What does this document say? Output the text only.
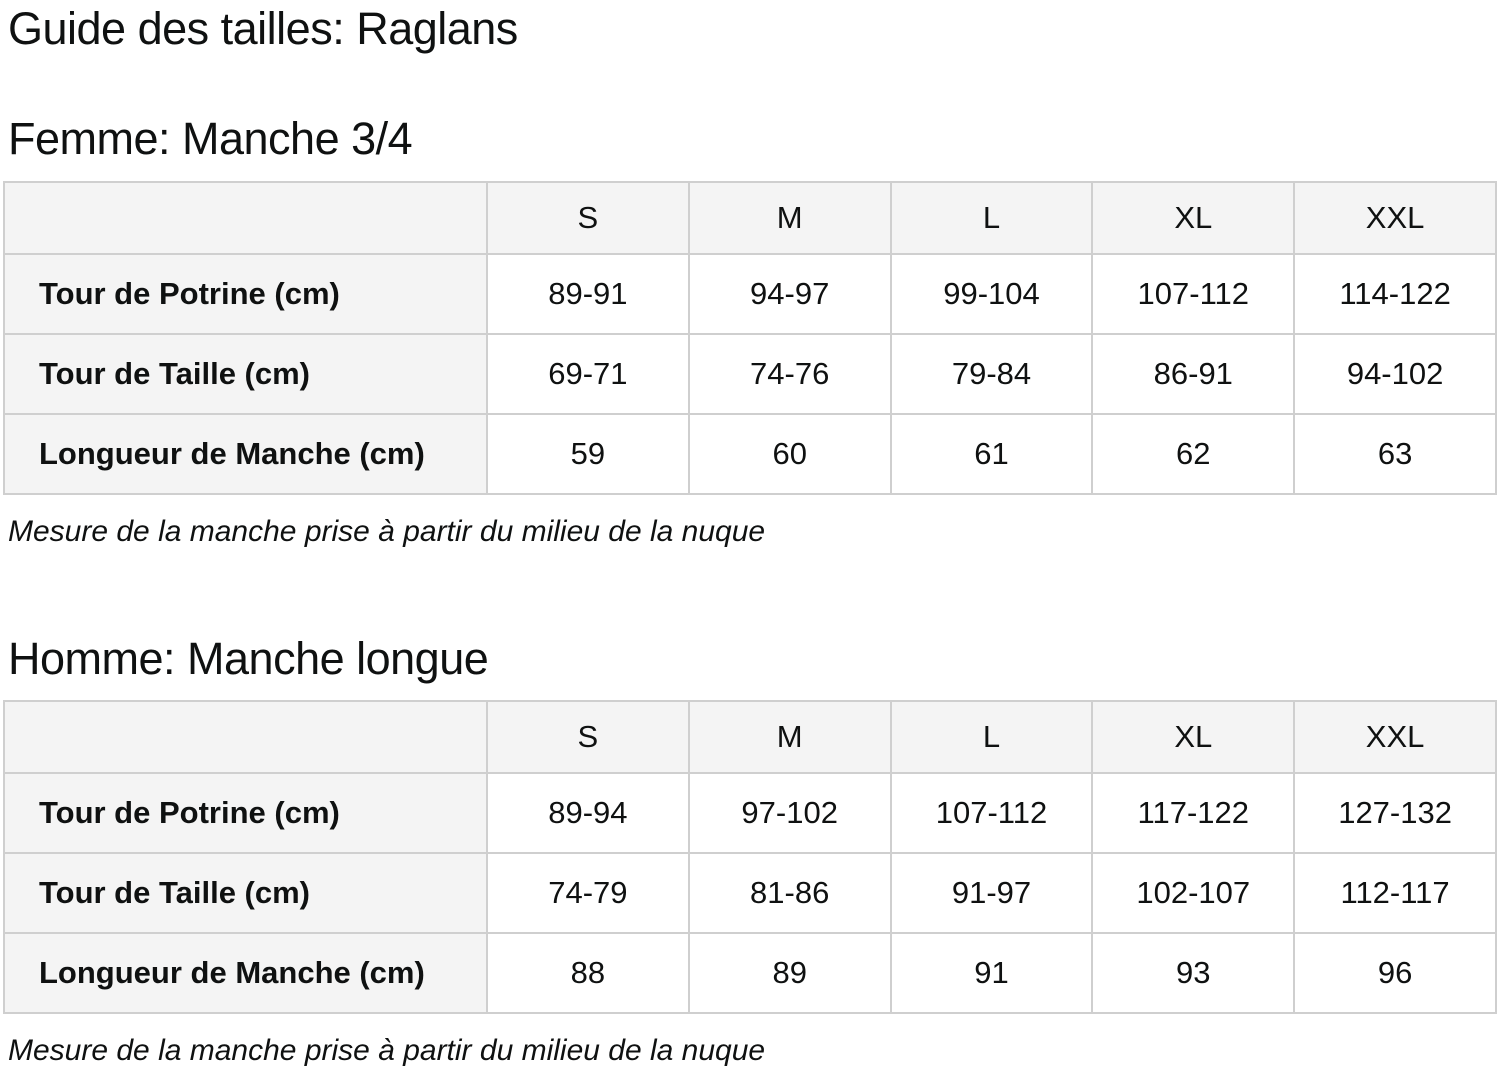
Guide des tailles: Raglans
Femme: Manche 3/4
	S	M	L	XL	XXL
Tour de Potrine (cm)	89-91	94-97	99-104	107-112	114-122
Tour de Taille (cm)	69-71	74-76	79-84	86-91	94-102
Longueur de Manche (cm)	59	60	61	62	63

Mesure de la manche prise à partir du milieu de la nuque

Homme: Manche longue
	S	M	L	XL	XXL
Tour de Potrine (cm)	89-94	97-102	107-112	117-122	127-132
Tour de Taille (cm)	74-79	81-86	91-97	102-107	112-117
Longueur de Manche (cm)	88	89	91	93	96

Mesure de la manche prise à partir du milieu de la nuque
